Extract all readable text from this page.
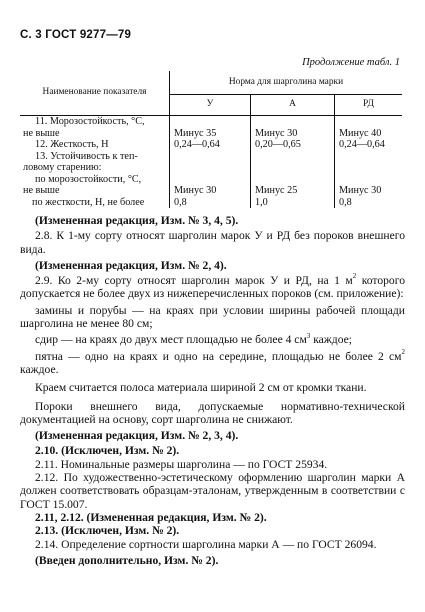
С. 3 ГОСТ 9277—79
Продолжение табл. 1
Наименование показателя	Норма для шарголина марки		
	У	А	РД

11. Морозостойкость, °С,
не выше	Минус 35	Минус 30	Минус 40
12. Жесткость, Н	0,24—0,64	0,20—0,65	0,24—0,64

13. Устойчивость к теп-
ловому старению:			

по морозостойкости, °С,
не выше	Минус 30	Минус 25	Минус 30
по жесткости, Н, не более	0,8	1,0	0,8

(Измененная редакция, Изм. № 3, 4, 5).

2.8. К 1-му сорту относят шарголин марок У и РД без пороков внешнего вида.

(Измененная редакция, Изм. № 2, 4).

2.9. Ко 2-му сорту относят шарголин марок У и РД, на 1 $м^2$ которого допускается не более двух из нижеперечисленных пороков (см. приложение):

замины и порубы — на краях при условии ширины рабочей площади шарголина не менее 80 см;

сдир — на краях до двух мест площадью не более 4 $см^3$ каждое;

пятна — одно на краях и одно на середине, площадью не более 2 $см^2$ каждое.

Краем считается полоса материала шириной 2 см от кромки ткани.

Пороки внешнего вида, допускаемые нормативно-технической документацией на основу, сорт шарголина не снижают.

(Измененная редакция, Изм. № 2, 3, 4).

2.10. (Исключен, Изм. № 2).

2.11. Номинальные размеры шарголина — по ГОСТ 25934.

2.12. По художественно-эстетическому оформлению шарголин марки А должен соответствовать образцам-эталонам, утвержденным в соответствии с ГОСТ 15.007.

2.11, 2.12. (Измененная редакция, Изм. № 2).

2.13. (Исключен, Изм. № 2).

2.14. Определение сортности шарголина марки А — по ГОСТ 26094.

(Введен дополнительно, Изм. № 2).
